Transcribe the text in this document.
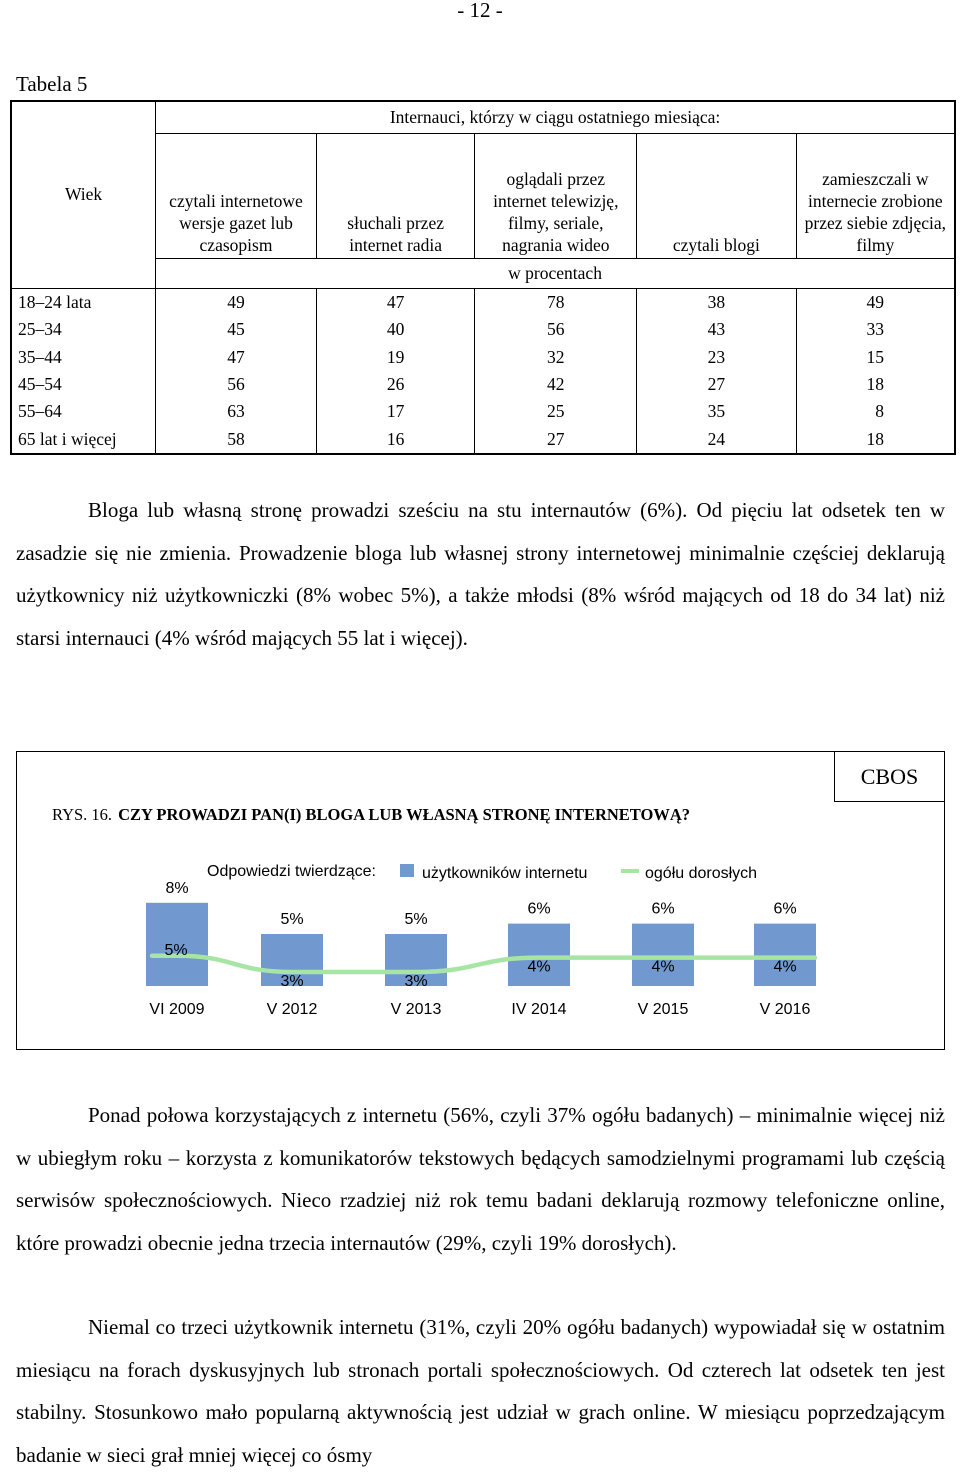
- 12 -
Tabela 5
Wiek	Internauci, którzy w ciągu ostatniego miesiąca:				
	czytali internetowe wersje gazet lub czasopism	słuchali przez internet radia	oglądali przez internet telewizję, filmy, seriale, nagrania wideo	czytali blogi	zamieszczali w internecie zrobione przez siebie zdjęcia, filmy
	w procentach				
18–24 lata	49	47	78	38	49
25–34	45	40	56	43	33
35–44	47	19	32	23	15
45–54	56	26	42	27	18
55–64	63	17	25	35	8
65 lat i więcej	58	16	27	24	18

Bloga lub własną stronę prowadzi sześciu na stu internautów (6%). Od pięciu lat odsetek ten w zasadzie się nie zmienia. Prowadzenie bloga lub własnej strony internetowej minimalnie częściej deklarują użytkownicy niż użytkowniczki (8% wobec 5%), a także młodsi (8% wśród mających od 18 do 34 lat) niż starsi internauci (4% wśród mających 55 lat i więcej).

CBOS
RYS. 16. CZY PROWADZI PAN(I) BLOGA LUB WŁASNĄ STRONĘ INTERNETOWĄ?
Odpowiedzi twierdzące:	użytkowników internetu	ogółu dorosłych
8%
5%	5%
6%	6%	6%
5%
3%	3%
4%	4%	4%
VI 2009	V 2012	V 2013	IV 2014	V 2015	V 2016

Ponad połowa korzystających z internetu (56%, czyli 37% ogółu badanych) – minimalnie więcej niż w ubiegłym roku – korzysta z komunikatorów tekstowych będących samodzielnymi programami lub częścią serwisów społecznościowych. Nieco rzadziej niż rok temu badani deklarują rozmowy telefoniczne online, które prowadzi obecnie jedna trzecia internautów (29%, czyli 19% dorosłych).

Niemal co trzeci użytkownik internetu (31%, czyli 20% ogółu badanych) wypowiadał się w ostatnim miesiącu na forach dyskusyjnych lub stronach portali społecznościowych. Od czterech lat odsetek ten jest stabilny. Stosunkowo mało popularną aktywnością jest udział w grach online. W miesiącu poprzedzającym badanie w sieci grał mniej więcej co ósmy
